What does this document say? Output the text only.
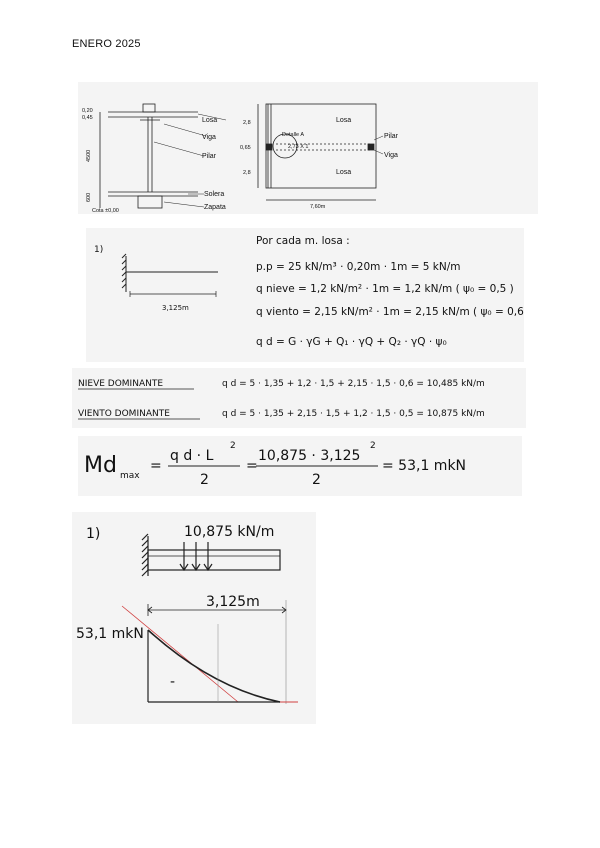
ENERO 2025
0,20
0,45
4500
600
Losa
Viga
Pilar
Solera
Zapata
Cota ±0,00
2,8
0,65
2,8
7,60m
Losa
Losa
Detalle A
2,73 X 1
Pilar
Viga
1)
3,125m
Por cada m. losa :
p.p = 25 kN/m³ · 0,20m · 1m = 5 kN/m
q nieve = 1,2 kN/m² · 1m = 1,2 kN/m ( ψ₀ = 0,5 )
q viento = 2,15 kN/m² · 1m = 2,15 kN/m ( ψ₀ = 0,6 )
q d = G · γG + Q₁ · γQ + Q₂ · γQ · ψ₀
NIEVE DOMINANTE	q d = 5 · 1,35 + 1,2 · 1,5 + 2,15 · 1,5 · 0,6 = 10,485 kN/m
VIENTO DOMINANTE	q d = 5 · 1,35 + 2,15 · 1,5 + 1,2 · 1,5 · 0,5 = 10,875 kN/m
Md max
=
q d · L
2
2
=
10,875 · 3,125
2
2
= 53,1 mkN
1)	10,875 kN/m
3,125m
53,1 mkN
-
